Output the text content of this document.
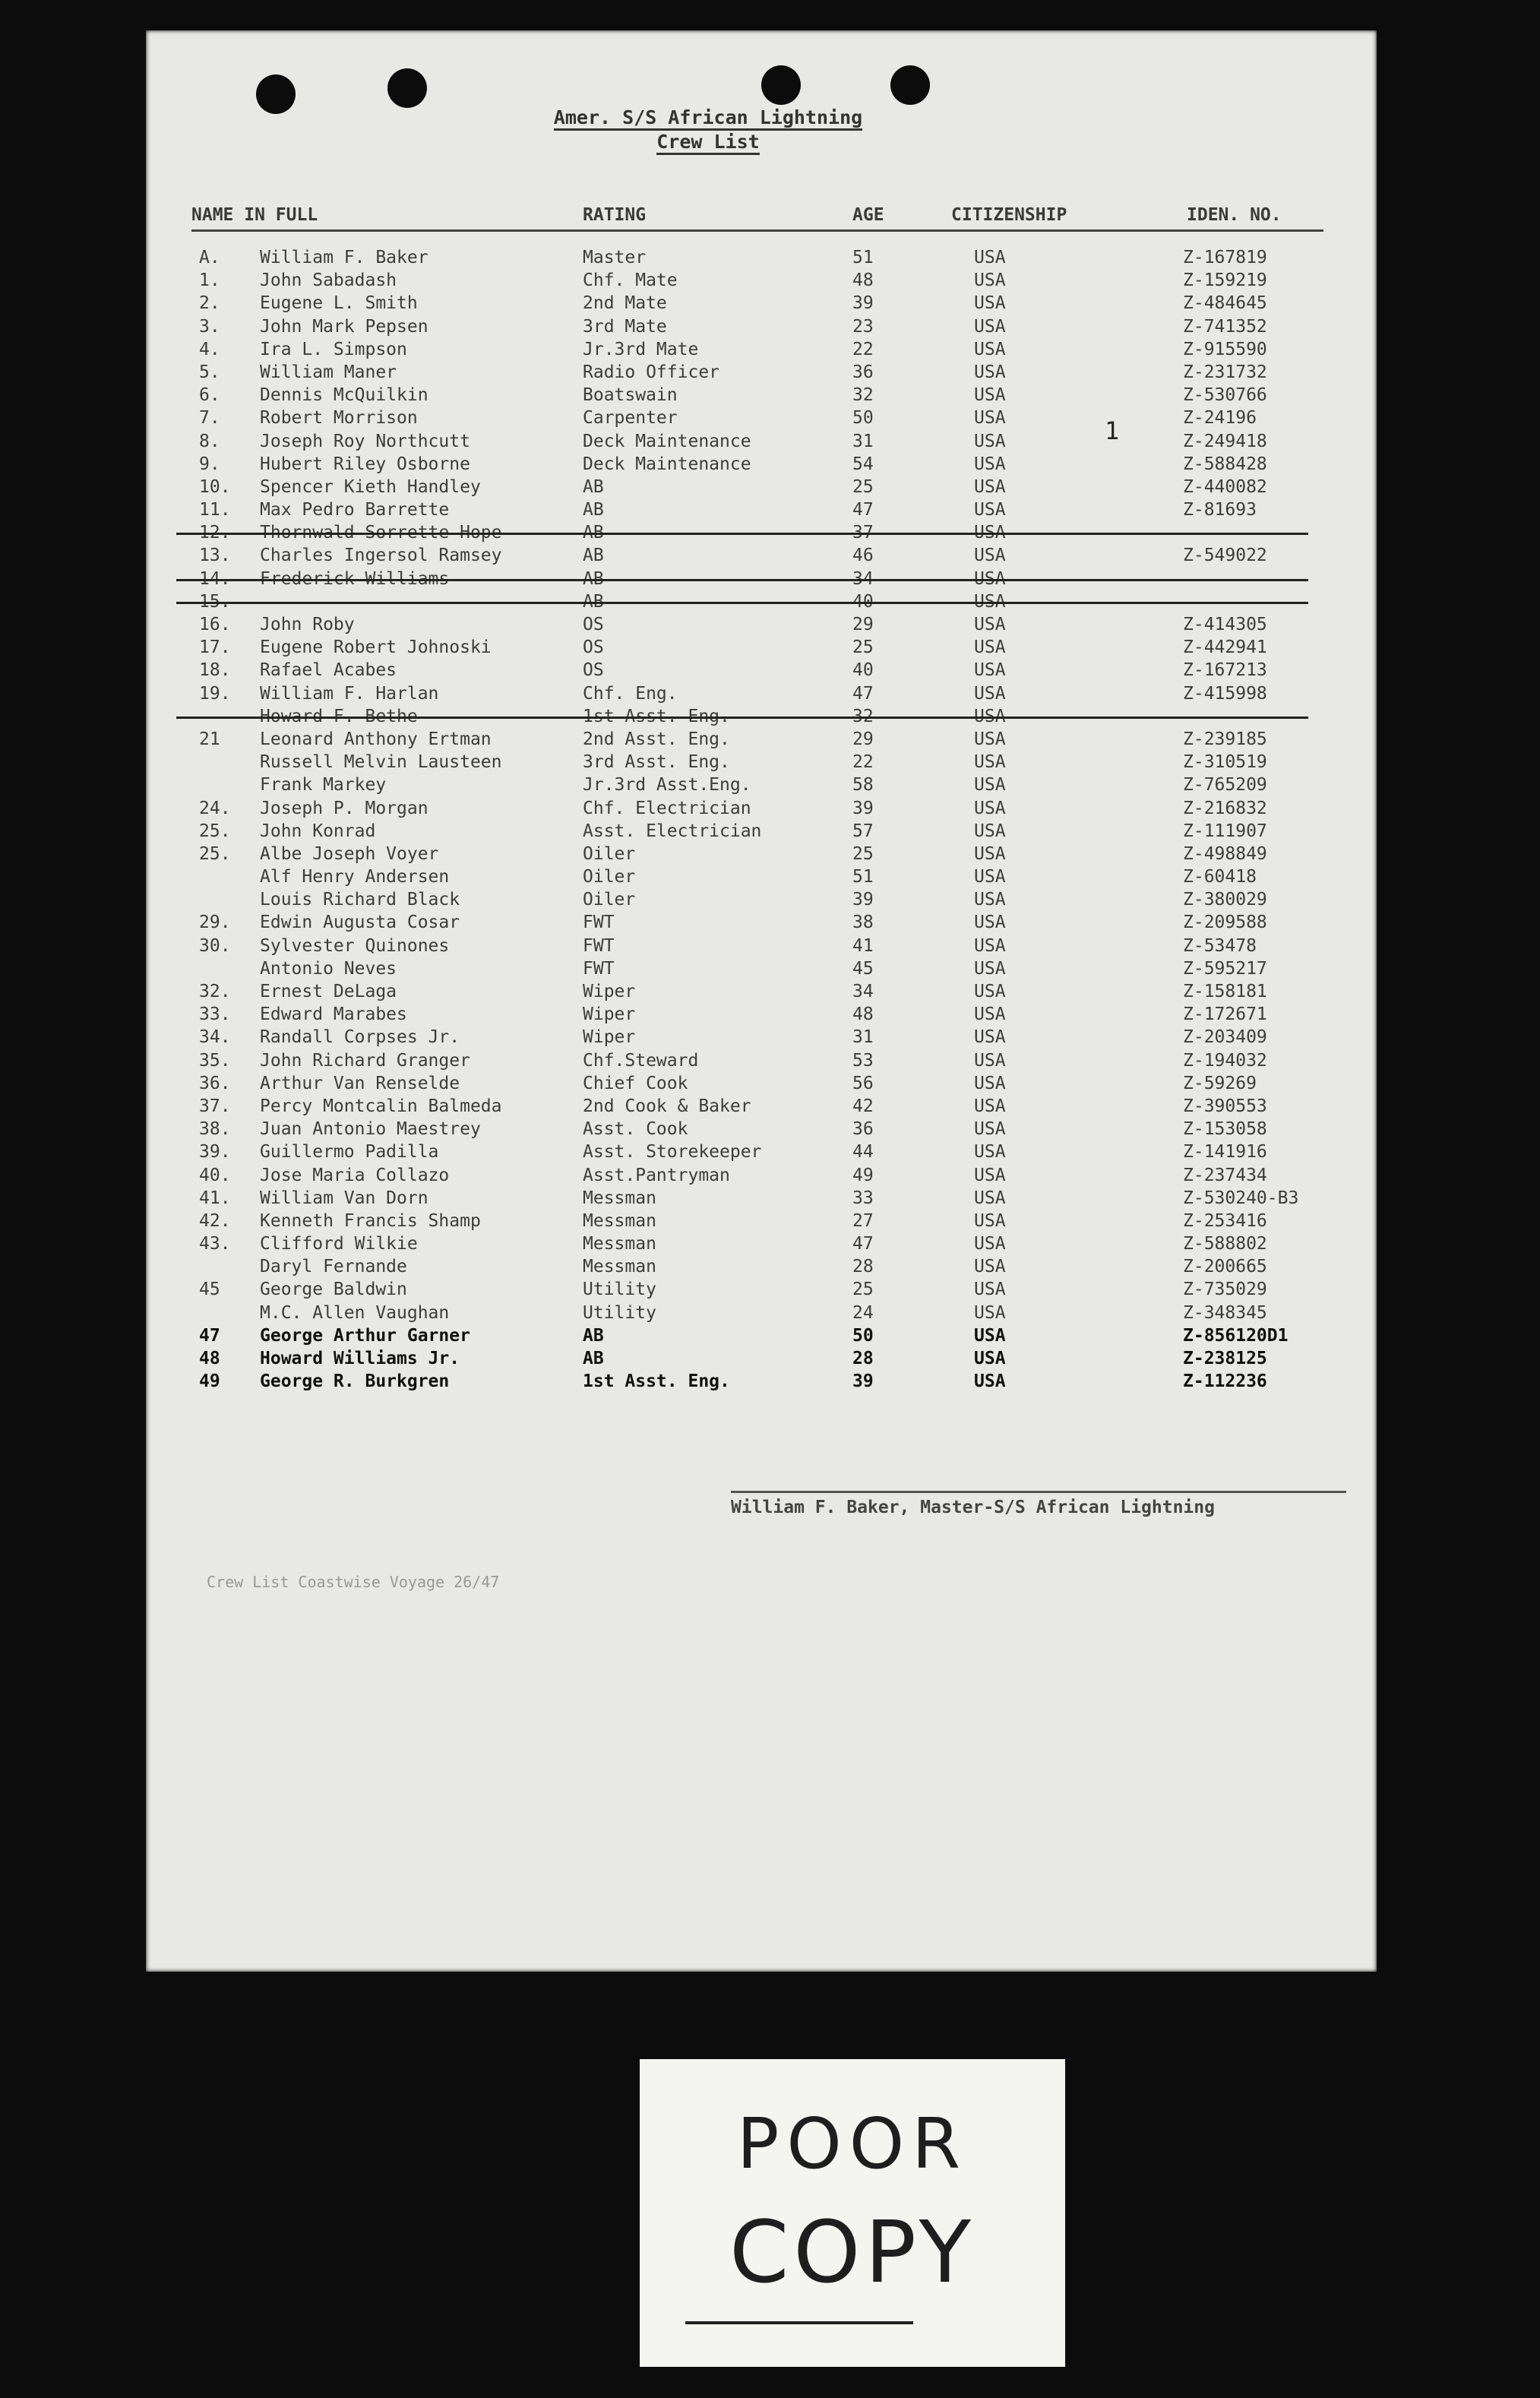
Amer. S/S African Lightning
Crew List
NAME IN FULL	RATING	AGE	CITIZENSHIP	IDEN. NO.
1
A. William F. Baker	Master	51	USA	Z-167819
1. John Sabadash	Chf. Mate	48	USA	Z-159219
2. Eugene L. Smith	2nd Mate	39	USA	Z-484645
3. John Mark Pepsen	3rd Mate	23	USA	Z-741352
4. Ira L. Simpson	Jr.3rd Mate	22	USA	Z-915590
5. William Maner	Radio Officer	36	USA	Z-231732
6. Dennis McQuilkin	Boatswain	32	USA	Z-530766
7. Robert Morrison	Carpenter	50	USA	Z-24196
8. Joseph Roy Northcutt	Deck Maintenance	31	USA	Z-249418
9. Hubert Riley Osborne	Deck Maintenance	54	USA	Z-588428
10. Spencer Kieth Handley	AB	25	USA	Z-440082
11. Max Pedro Barrette	AB	47	USA	Z-81693
12. Thornwald Sorrette Hope	AB	37	USA
13. Charles Ingersol Ramsey	AB	46	USA	Z-549022
14. Frederick Williams	AB	34	USA
15.	AB	40	USA
16. John Roby	OS	29	USA	Z-414305
17. Eugene Robert Johnoski	OS	25	USA	Z-442941
18. Rafael Acabes	OS	40	USA	Z-167213
19. William F. Harlan	Chf. Eng.	47	USA	Z-415998
Howard F. Bethe	1st Asst. Eng.	32	USA
21 Leonard Anthony Ertman	2nd Asst. Eng.	29	USA	Z-239185
Russell Melvin Lausteen	3rd Asst. Eng.	22	USA	Z-310519
Frank Markey	Jr.3rd Asst.Eng.	58	USA	Z-765209
24. Joseph P. Morgan	Chf. Electrician	39	USA	Z-216832
25. John Konrad	Asst. Electrician	57	USA	Z-111907
25. Albe Joseph Voyer	Oiler	25	USA	Z-498849
Alf Henry Andersen	Oiler	51	USA	Z-60418
Louis Richard Black	Oiler	39	USA	Z-380029
29. Edwin Augusta Cosar	FWT	38	USA	Z-209588
30. Sylvester Quinones	FWT	41	USA	Z-53478
Antonio Neves	FWT	45	USA	Z-595217
32. Ernest DeLaga	Wiper	34	USA	Z-158181
33. Edward Marabes	Wiper	48	USA	Z-172671
34. Randall Corpses Jr.	Wiper	31	USA	Z-203409
35. John Richard Granger	Chf.Steward	53	USA	Z-194032
36. Arthur Van Renselde	Chief Cook	56	USA	Z-59269
37. Percy Montcalin Balmeda	2nd Cook & Baker	42	USA	Z-390553
38. Juan Antonio Maestrey	Asst. Cook	36	USA	Z-153058
39. Guillermo Padilla	Asst. Storekeeper	44	USA	Z-141916
40. Jose Maria Collazo	Asst.Pantryman	49	USA	Z-237434
41. William Van Dorn	Messman	33	USA	Z-530240-B3
42. Kenneth Francis Shamp	Messman	27	USA	Z-253416
43. Clifford Wilkie	Messman	47	USA	Z-588802
Daryl Fernande	Messman	28	USA	Z-200665
45 George Baldwin	Utility	25	USA	Z-735029
M.C. Allen Vaughan	Utility	24	USA	Z-348345
47 George Arthur Garner	AB	50	USA	Z-856120D1
48 Howard Williams Jr.	AB	28	USA	Z-238125
49 George R. Burkgren	1st Asst. Eng.	39	USA	Z-112236
William F. Baker, Master-S/S African Lightning
Crew List Coastwise Voyage 26/47
POOR
COPY
